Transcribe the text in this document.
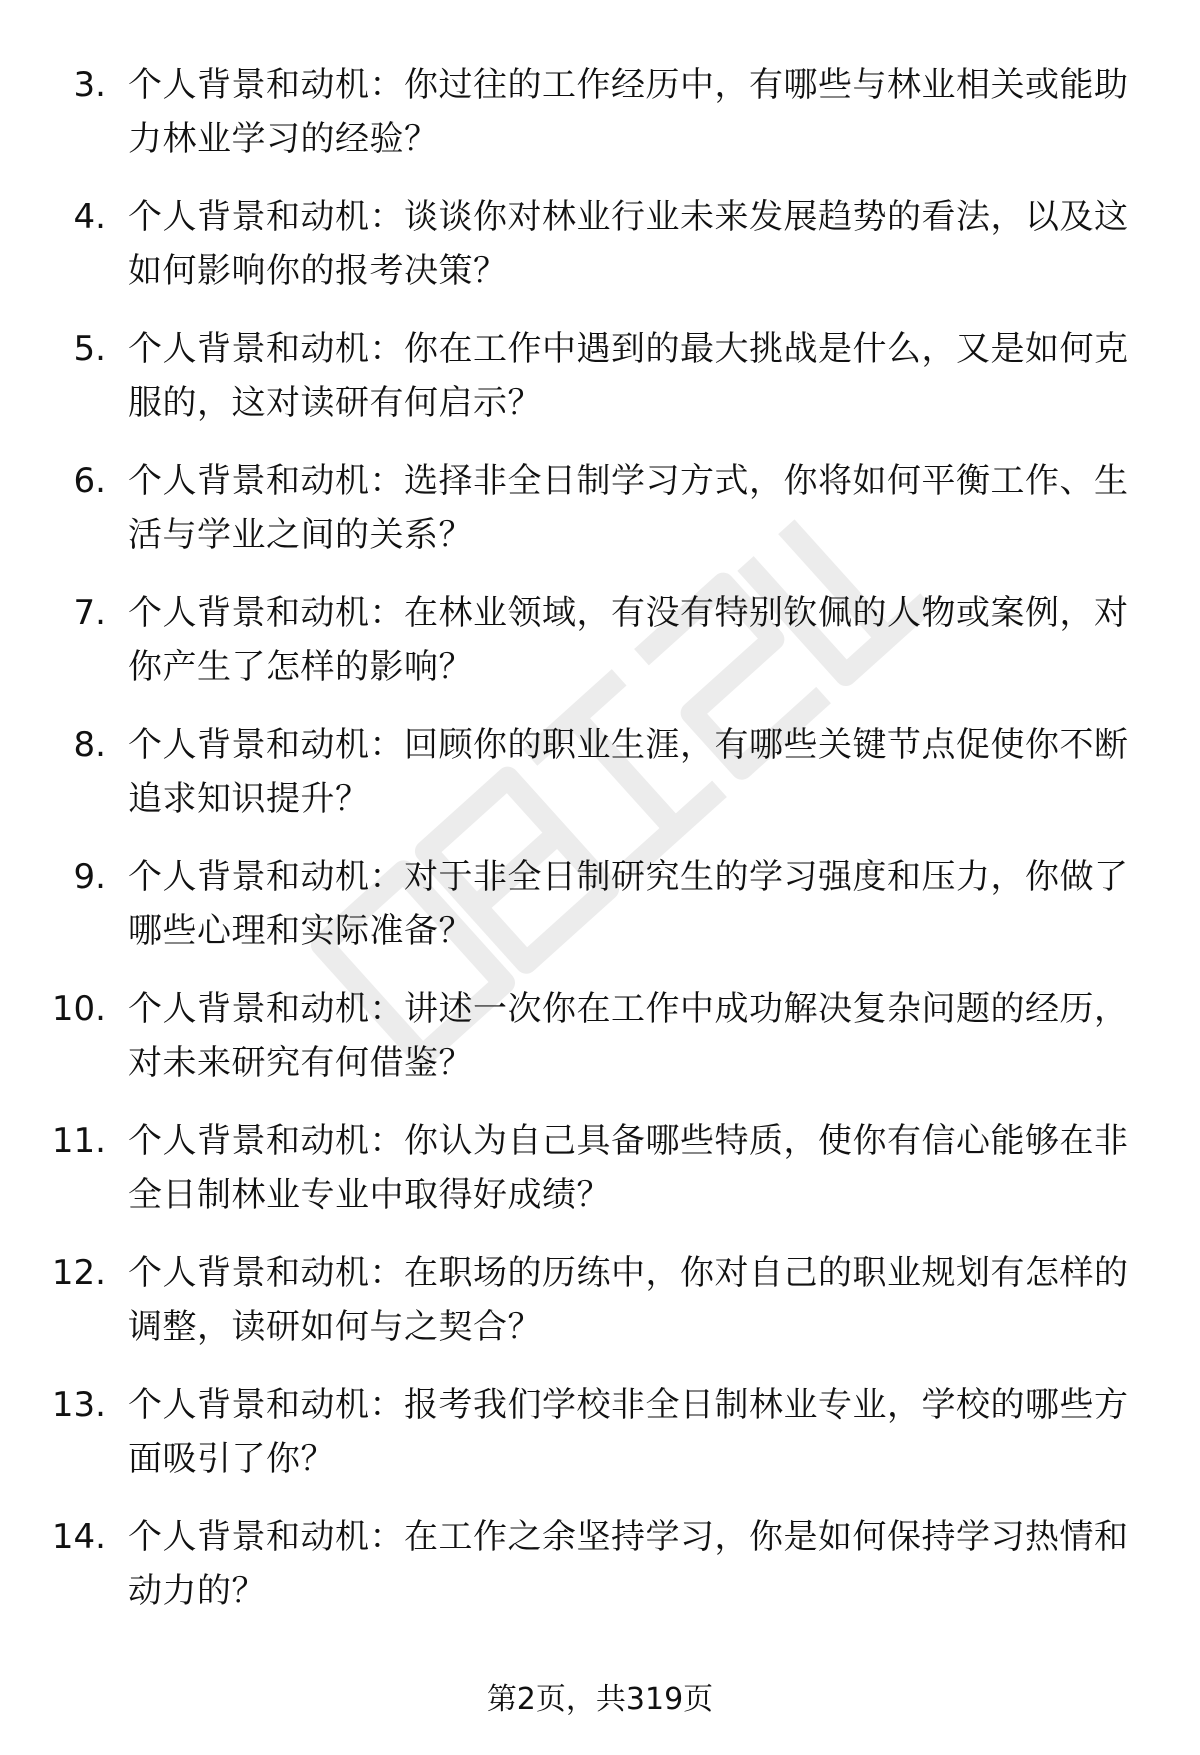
3. 个人背景和动机：你过往的工作经历中，有哪些与林业相关或能助力林业学习的经验？
4. 个人背景和动机：谈谈你对林业行业未来发展趋势的看法，以及这如何影响你的报考决策？
5. 个人背景和动机：你在工作中遇到的最大挑战是什么，又是如何克服的，这对读研有何启示？
6. 个人背景和动机：选择非全日制学习方式，你将如何平衡工作、生活与学业之间的关系？
7. 个人背景和动机：在林业领域，有没有特别钦佩的人物或案例，对你产生了怎样的影响？
8. 个人背景和动机：回顾你的职业生涯，有哪些关键节点促使你不断追求知识提升？
9. 个人背景和动机：对于非全日制研究生的学习强度和压力，你做了哪些心理和实际准备？
10. 个人背景和动机：讲述一次你在工作中成功解决复杂问题的经历，对未来研究有何借鉴？
11. 个人背景和动机：你认为自己具备哪些特质，使你有信心能够在非全日制林业专业中取得好成绩？
12. 个人背景和动机：在职场的历练中，你对自己的职业规划有怎样的调整，读研如何与之契合？
13. 个人背景和动机：报考我们学校非全日制林业专业，学校的哪些方面吸引了你？
14. 个人背景和动机：在工作之余坚持学习，你是如何保持学习热情和动力的？
第2页，共319页
